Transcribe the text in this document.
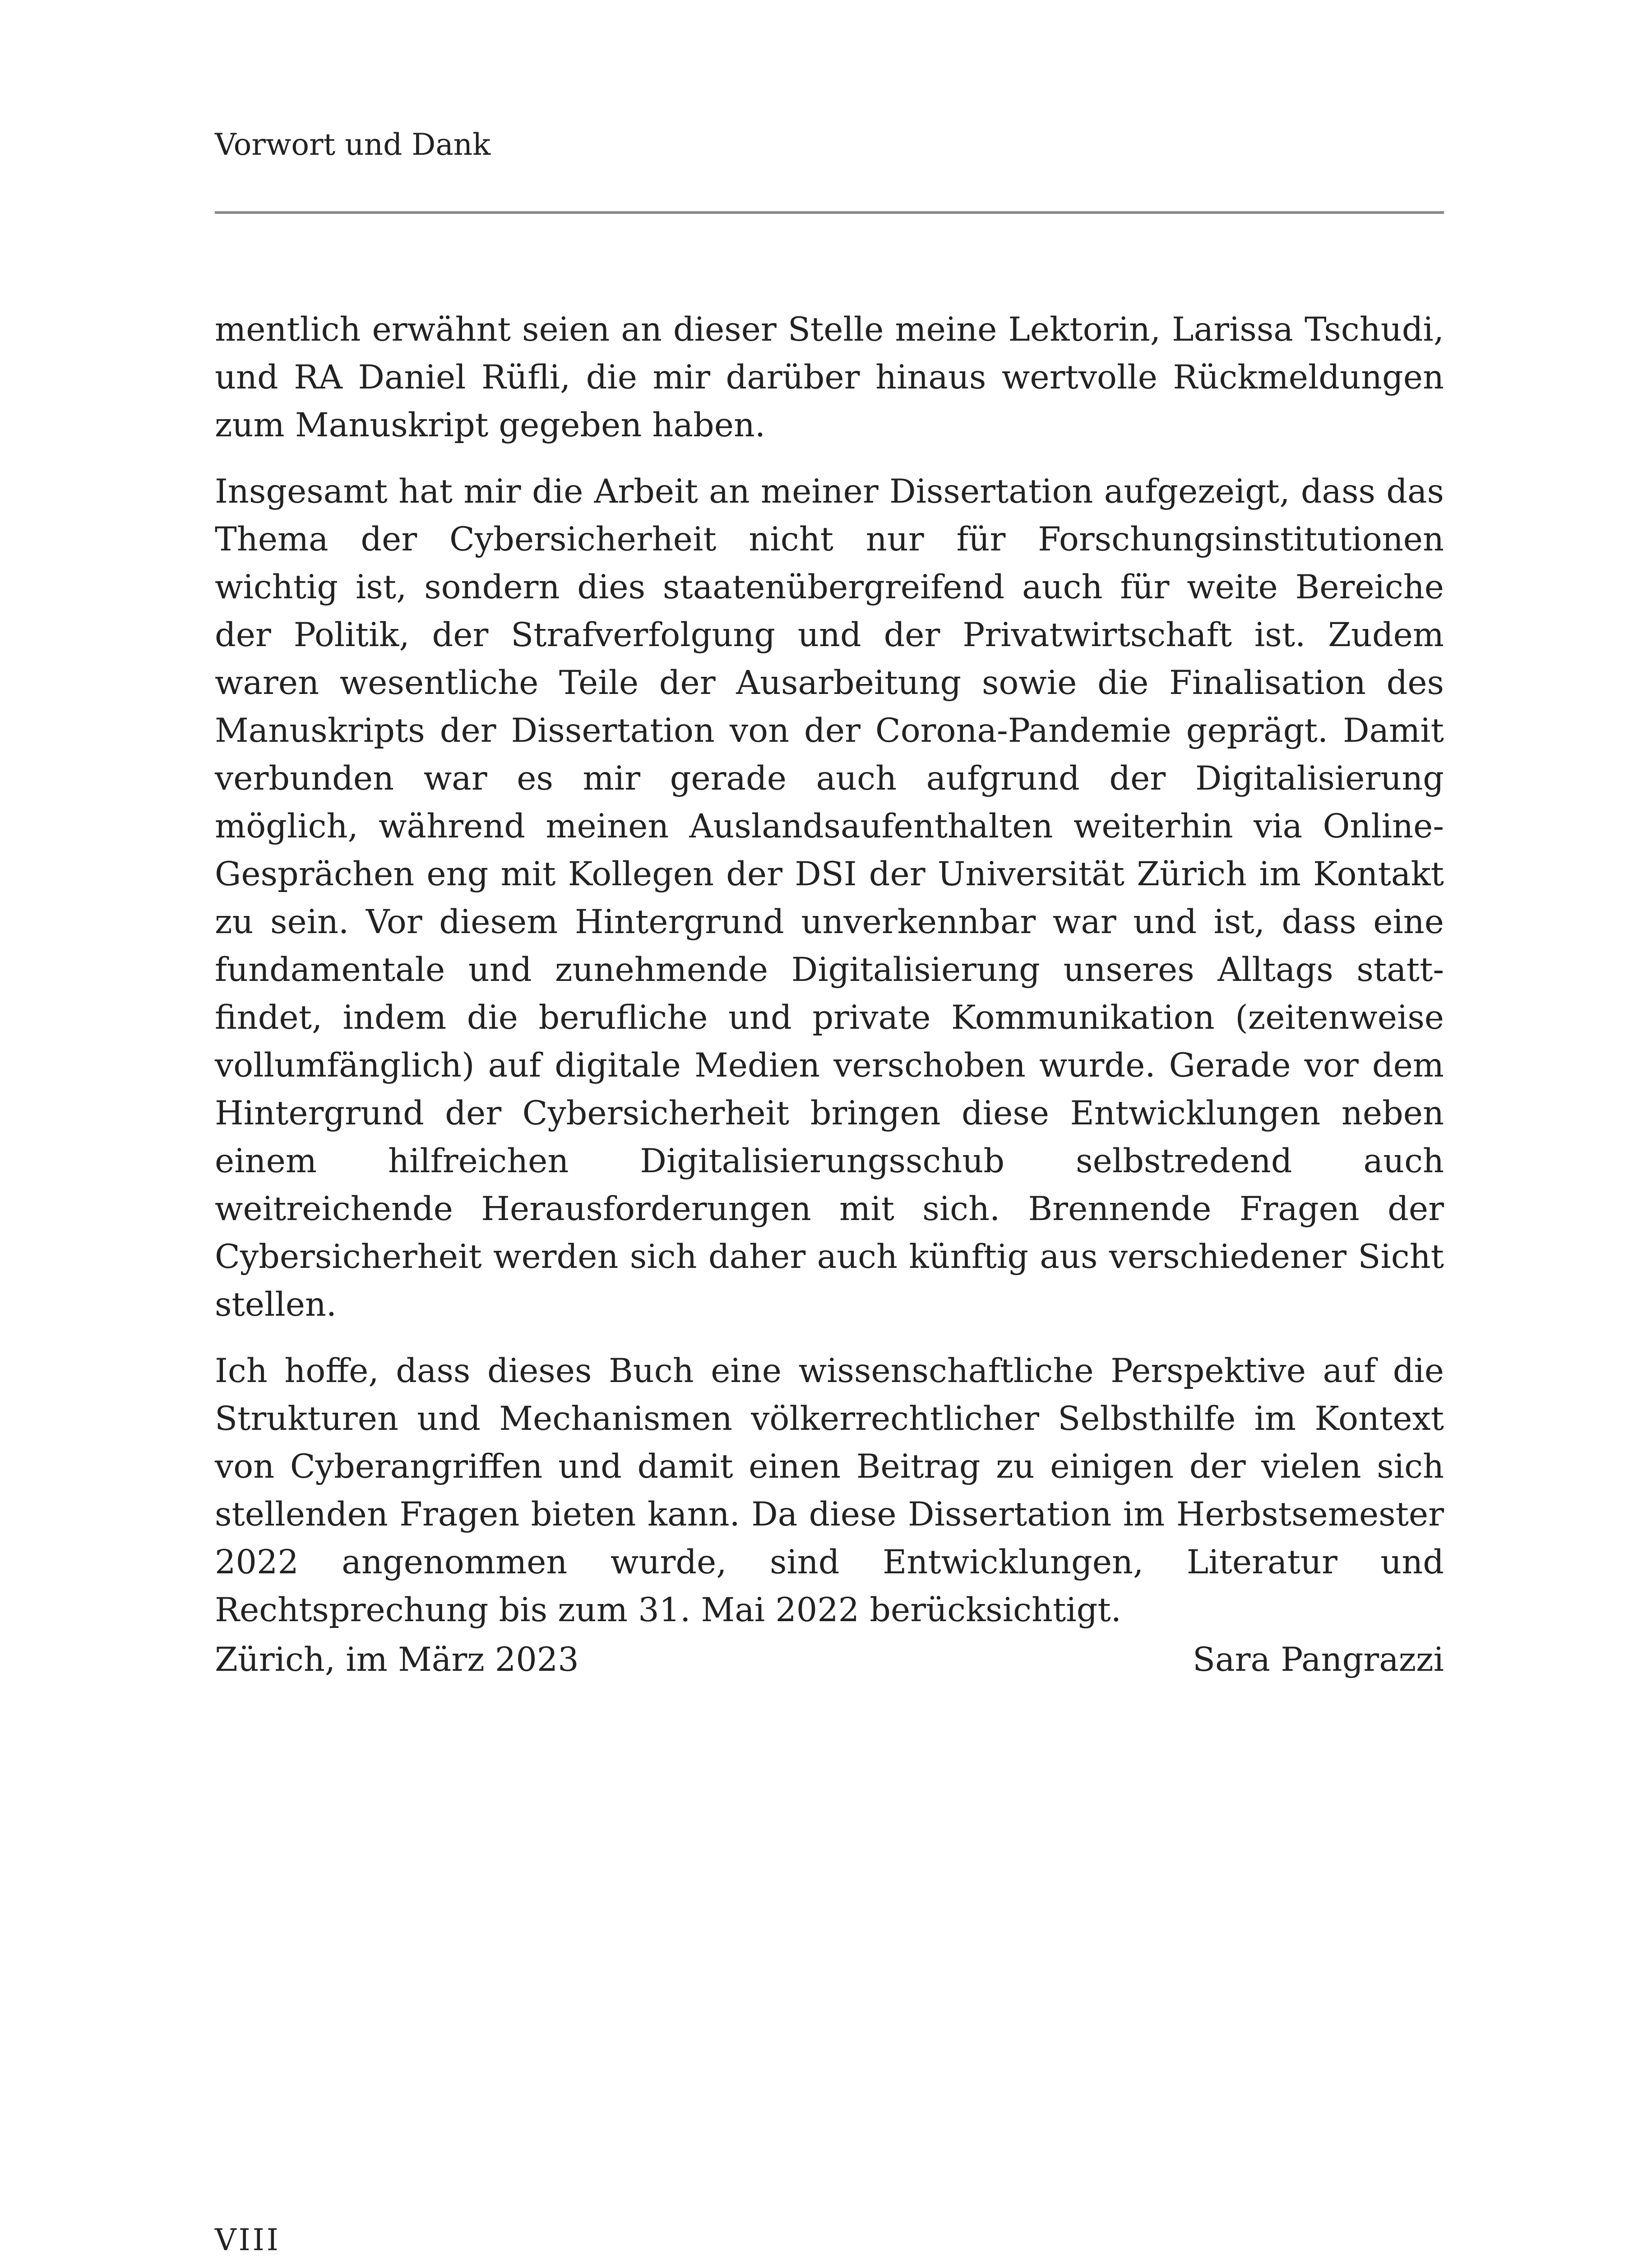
Vorwort und Dank

mentlich erwähnt seien an dieser Stelle meine Lektorin, Larissa Tschudi, und RA Daniel Rüfli, die mir darüber hinaus wertvolle Rückmeldungen zum Manuskript gegeben haben.

Insgesamt hat mir die Arbeit an meiner Dissertation aufgezeigt, dass das Thema der Cybersicherheit nicht nur für Forschungsinstitutionen wichtig ist, sondern dies staatenübergreifend auch für weite Bereiche der Politik, der Strafverfolgung und der Privatwirtschaft ist. Zudem waren wesentliche Teile der Ausarbeitung sowie die Finalisation des Manuskripts der Dissertation von der Corona-Pandemie geprägt. Damit verbunden war es mir gerade auch aufgrund der Digitalisierung möglich, während meinen Auslandsaufenthalten weiterhin via Online-Gesprächen eng mit Kollegen der DSI der Universität Zürich im Kontakt zu sein. Vor diesem Hintergrund unverkennbar war und ist, dass eine fundamentale und zunehmende Digitalisierung unseres Alltags stattfindet, indem die berufliche und private Kommunikation (zeitenweise vollumfänglich) auf digitale Medien verschoben wurde. Gerade vor dem Hintergrund der Cybersicherheit bringen diese Entwicklungen neben einem hilfreichen Digitalisierungsschub selbstredend auch weitreichende Herausforderungen mit sich. Brennende Fragen der Cybersicherheit werden sich daher auch künftig aus verschiedener Sicht stellen.

Ich hoffe, dass dieses Buch eine wissenschaftliche Perspektive auf die Strukturen und Mechanismen völkerrechtlicher Selbsthilfe im Kontext von Cyberangriffen und damit einen Beitrag zu einigen der vielen sich stellenden Fragen bieten kann. Da diese Dissertation im Herbstsemester 2022 angenommen wurde, sind Entwicklungen, Literatur und Rechtsprechung bis zum 31. Mai 2022 berücksichtigt.

Zürich, im März 2023	Sara Pangrazzi
VIII
